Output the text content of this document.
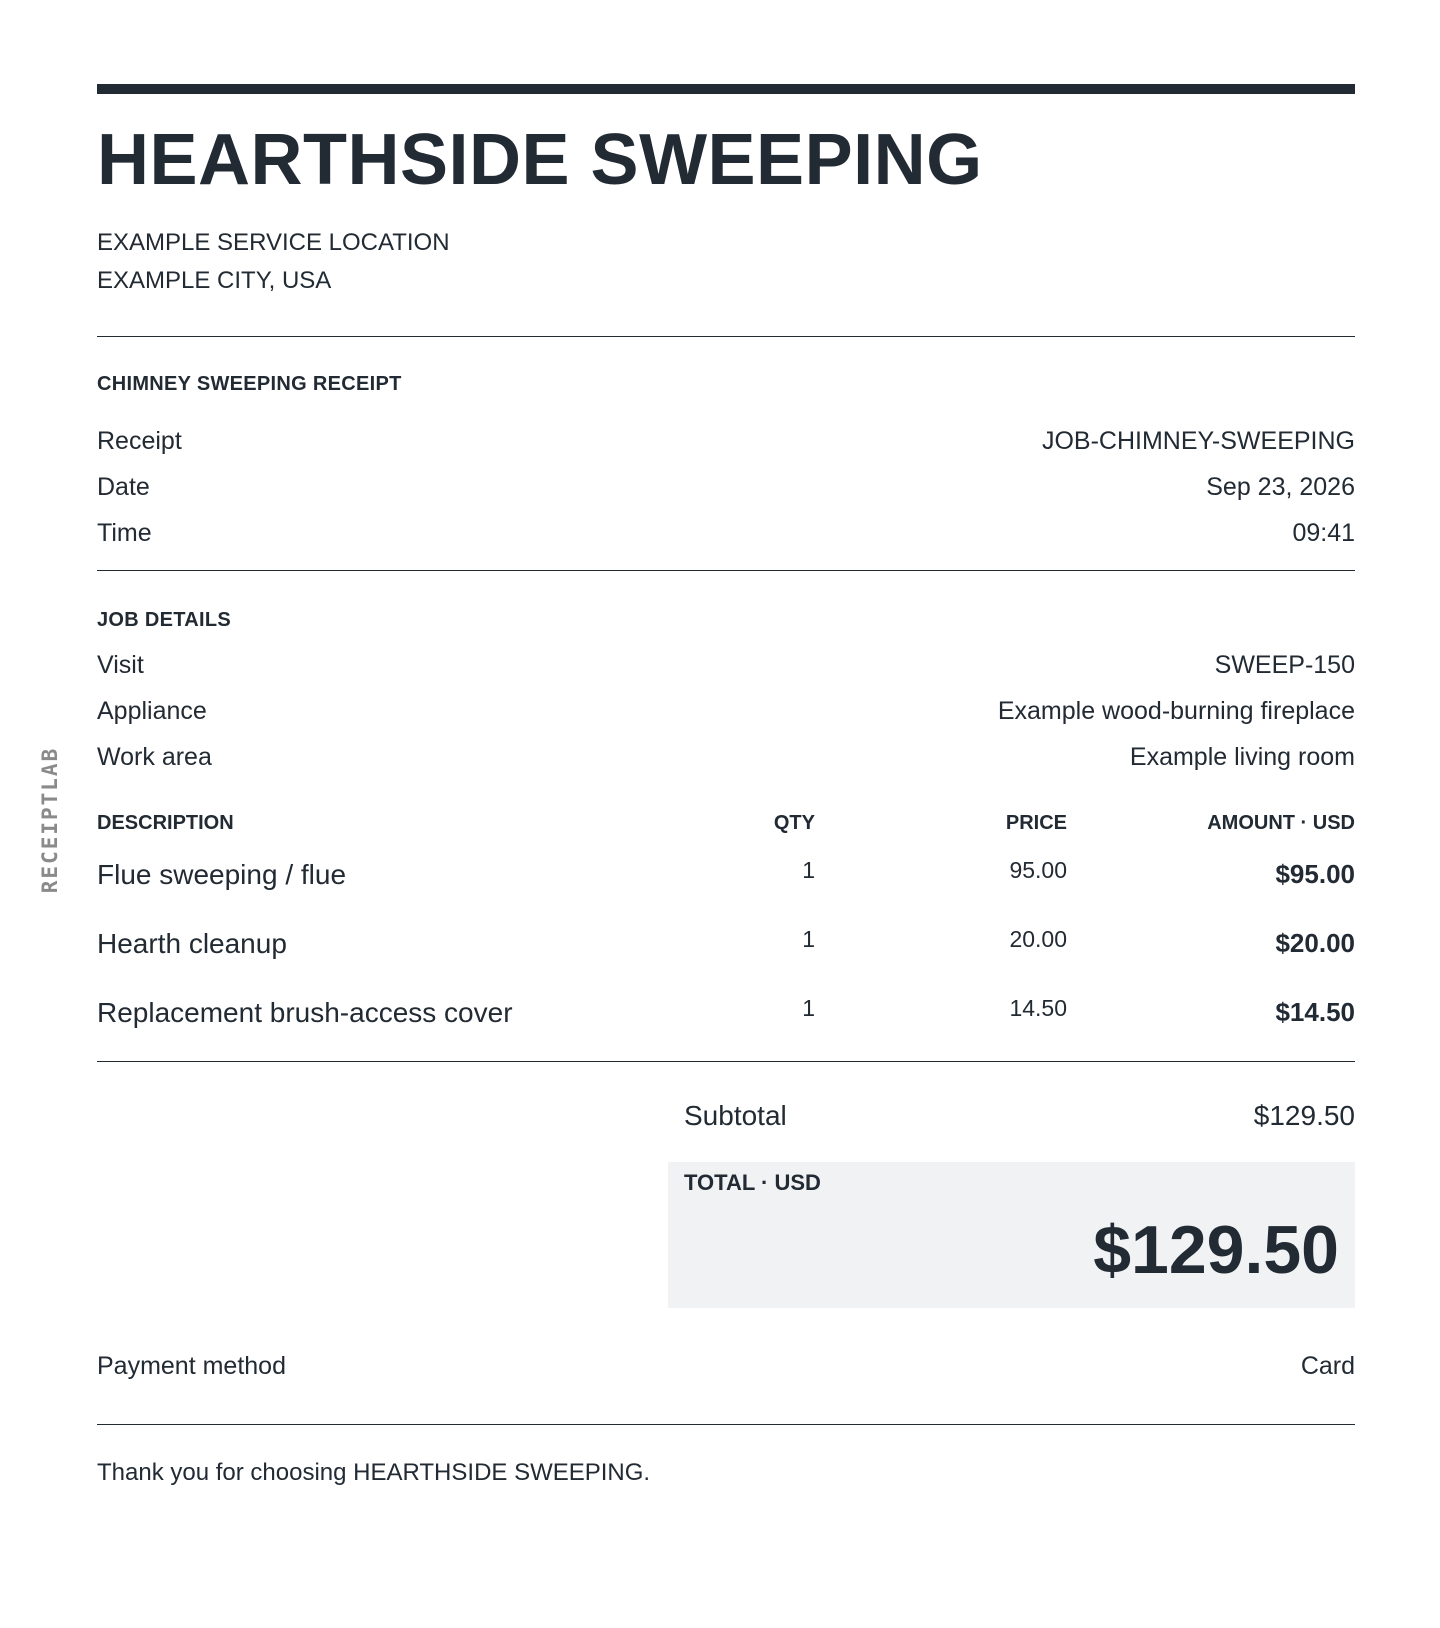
RECEIPTLAB
HEARTHSIDE SWEEPING
EXAMPLE SERVICE LOCATION
EXAMPLE CITY, USA
CHIMNEY SWEEPING RECEIPT
Receipt	JOB-CHIMNEY-SWEEPING
Date	Sep 23, 2026
Time	09:41
JOB DETAILS
Visit	SWEEP-150
Appliance	Example wood-burning fireplace
Work area	Example living room
DESCRIPTION	QTY	PRICE	AMOUNT · USD
Flue sweeping / flue	1	95.00	$95.00
Hearth cleanup	1	20.00	$20.00
Replacement brush-access cover	1	14.50	$14.50
Subtotal	$129.50
TOTAL · USD
$129.50
Payment method	Card
Thank you for choosing HEARTHSIDE SWEEPING.
